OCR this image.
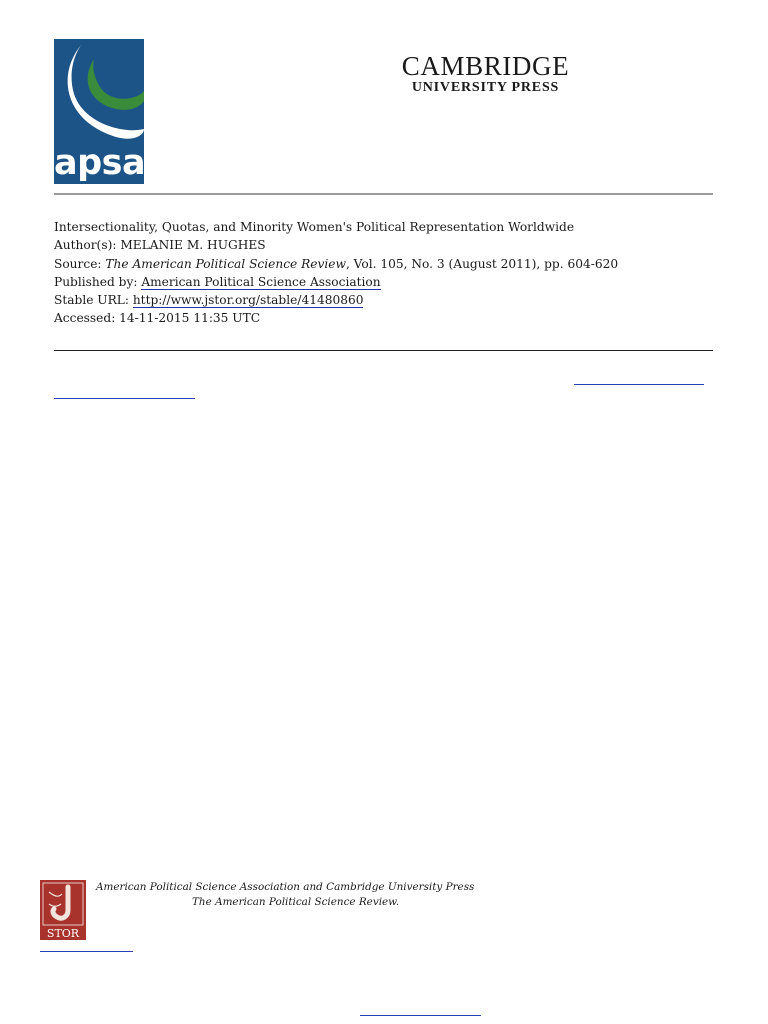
apsa
CAMBRIDGE
UNIVERSITY PRESS
Intersectionality, Quotas, and Minority Women's Political Representation Worldwide
Author(s): MELANIE M. HUGHES
Source: The American Political Science Review, Vol. 105, No. 3 (August 2011), pp. 604-620
Published by: American Political Science Association
Stable URL: http://www.jstor.org/stable/41480860
Accessed: 14-11-2015 11:35 UTC
STOR
American Political Science Association and Cambridge University Press
The American Political Science Review.
